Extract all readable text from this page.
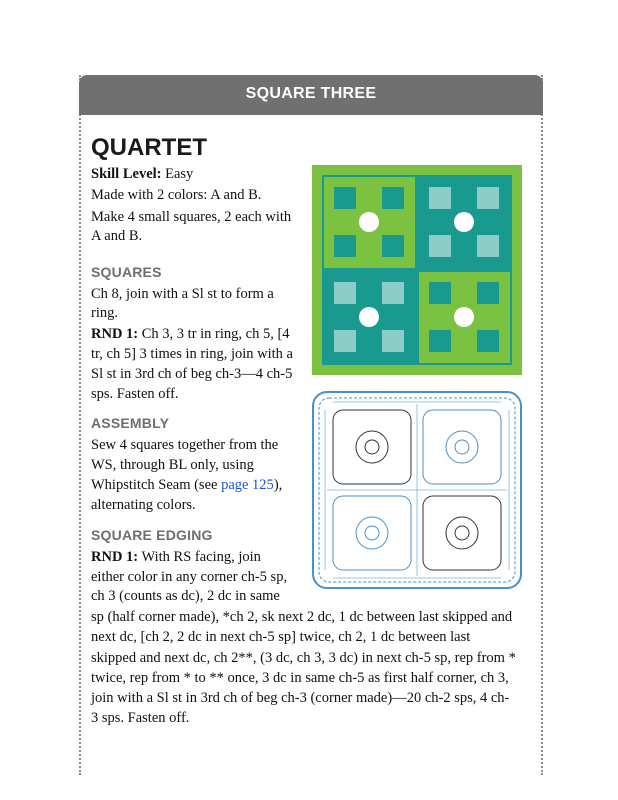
SQUARE THREE
QUARTET

Skill Level: Easy

Made with 2 colors: A and B.

Make 4 small squares, 2 each with

A and B.

SQUARES

Ch 8, join with a Sl st to form a

ring.

RND 1: Ch 3, 3 tr in ring, ch 5, [4

tr, ch 5] 3 times in ring, join with a

Sl st in 3rd ch of beg ch-3—4 ch-5

sps. Fasten off.

ASSEMBLY

Sew 4 squares together from the

WS, through BL only, using

Whipstitch Seam (see page 125),

alternating colors.

SQUARE EDGING

RND 1: With RS facing, join

either color in any corner ch-5 sp,

ch 3 (counts as dc), 2 dc in same

sp (half corner made), *ch 2, sk next 2 dc, 1 dc between last skipped and

next dc, [ch 2, 2 dc in next ch-5 sp] twice, ch 2, 1 dc between last

skipped and next dc, ch 2**, (3 dc, ch 3, 3 dc) in next ch-5 sp, rep from *

twice, rep from * to ** once, 3 dc in same ch-5 as first half corner, ch 3,

join with a Sl st in 3rd ch of beg ch-3 (corner made)—20 ch-2 sps, 4 ch-

3 sps. Fasten off.
